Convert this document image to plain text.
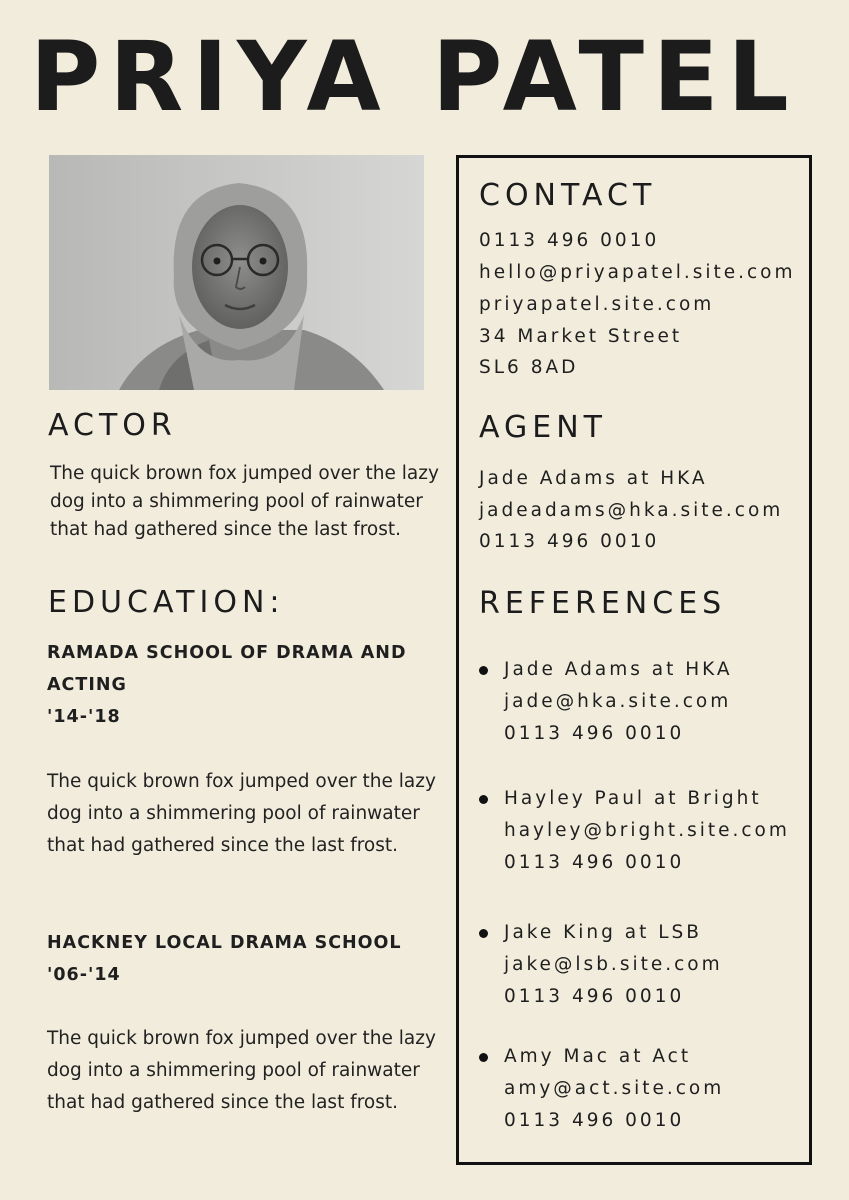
PRIYA PATEL
ACTOR
The quick brown fox jumped over the lazy dog into a shimmering pool of rainwater that had gathered since the last frost.
EDUCATION:
RAMADA SCHOOL OF DRAMA AND
ACTING
'14-'18
The quick brown fox jumped over the lazy dog into a shimmering pool of rainwater that had gathered since the last frost.
HACKNEY LOCAL DRAMA SCHOOL
'06-'14
The quick brown fox jumped over the lazy dog into a shimmering pool of rainwater that had gathered since the last frost.
CONTACT
0113 496 0010
hello@priyapatel.site.com
priyapatel.site.com
34 Market Street
SL6 8AD
AGENT
Jade Adams at HKA
jadeadams@hka.site.com
0113 496 0010
REFERENCES
Jade Adams at HKA
jade@hka.site.com
0113 496 0010
Hayley Paul at Bright
hayley@bright.site.com
0113 496 0010
Jake King at LSB
jake@lsb.site.com
0113 496 0010
Amy Mac at Act
amy@act.site.com
0113 496 0010
